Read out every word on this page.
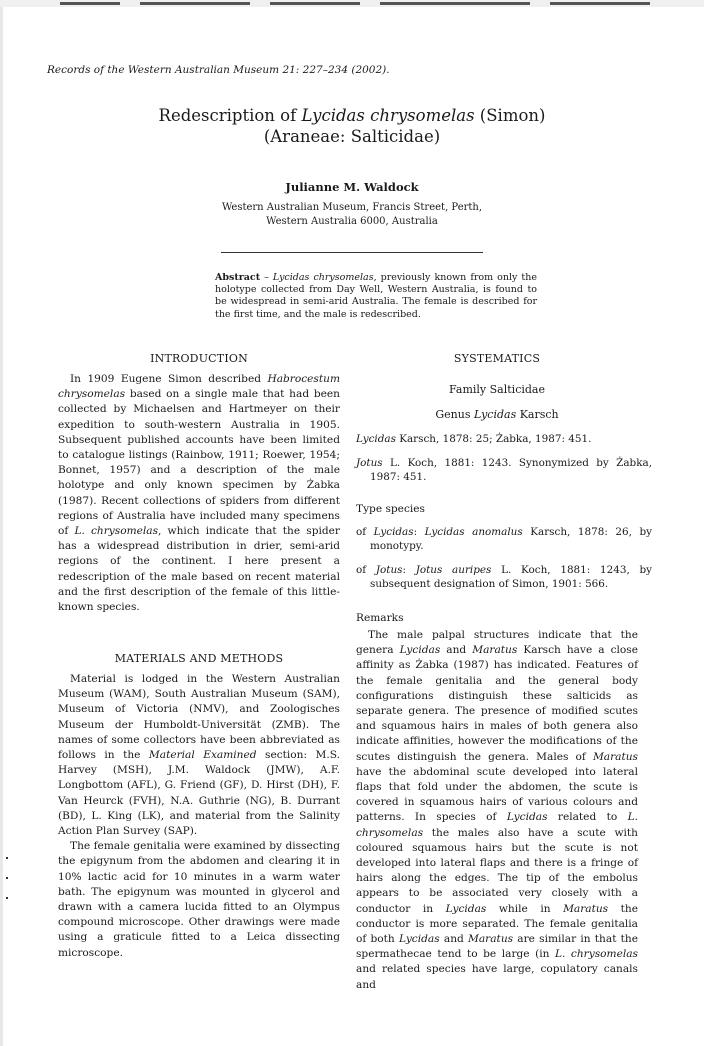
Records of the Western Australian Museum 21: 227–234 (2002).
Redescription of Lycidas chrysomelas (Simon)
(Araneae: Salticidae)
Julianne M. Waldock
Western Australian Museum, Francis Street, Perth,
Western Australia 6000, Australia
Abstract – Lycidas chrysomelas, previously known from only the holotype collected from Day Well, Western Australia, is found to be widespread in semi-arid Australia. The female is described for the first time, and the male is redescribed.
INTRODUCTION

In 1909 Eugene Simon described Habrocestum chrysomelas based on a single male that had been collected by Michaelsen and Hartmeyer on their expedition to south-western Australia in 1905. Subsequent published accounts have been limited to catalogue listings (Rainbow, 1911; Roewer, 1954; Bonnet, 1957) and a description of the male holotype and only known specimen by Żabka (1987). Recent collections of spiders from different regions of Australia have included many specimens of L. chrysomelas, which indicate that the spider has a widespread distribution in drier, semi-arid regions of the continent. I here present a redescription of the male based on recent material and the first description of the female of this little-known species.

MATERIALS AND METHODS

Material is lodged in the Western Australian Museum (WAM), South Australian Museum (SAM), Museum of Victoria (NMV), and Zoologisches Museum der Humboldt-Universität (ZMB). The names of some collectors have been abbreviated as follows in the Material Examined section: M.S. Harvey (MSH), J.M. Waldock (JMW), A.F. Longbottom (AFL), G. Friend (GF), D. Hirst (DH), F. Van Heurck (FVH), N.A. Guthrie (NG), B. Durrant (BD), L. King (LK), and material from the Salinity Action Plan Survey (SAP).

The female genitalia were examined by dissecting the epigynum from the abdomen and clearing it in 10% lactic acid for 10 minutes in a warm water bath. The epigynum was mounted in glycerol and drawn with a camera lucida fitted to an Olympus compound microscope. Other drawings were made using a graticule fitted to a Leica dissecting microscope.

SYSTEMATICS
Family Salticidae
Genus Lycidas Karsch
Lycidas Karsch, 1878: 25; Żabka, 1987: 451.
Jotus L. Koch, 1881: 1243. Synonymized by Żabka, 1987: 451.
Type species
of Lycidas: Lycidas anomalus Karsch, 1878: 26, by monotypy.
of Jotus: Jotus auripes L. Koch, 1881: 1243, by subsequent designation of Simon, 1901: 566.
Remarks

The male palpal structures indicate that the genera Lycidas and Maratus Karsch have a close affinity as Żabka (1987) has indicated. Features of the female genitalia and the general body configurations distinguish these salticids as separate genera. The presence of modified scutes and squamous hairs in males of both genera also indicate affinities, however the modifications of the scutes distinguish the genera. Males of Maratus have the abdominal scute developed into lateral flaps that fold under the abdomen, the scute is covered in squamous hairs of various colours and patterns. In species of Lycidas related to L. chrysomelas the males also have a scute with coloured squamous hairs but the scute is not developed into lateral flaps and there is a fringe of hairs along the edges. The tip of the embolus appears to be associated very closely with a conductor in Lycidas while in Maratus the conductor is more separated. The female genitalia of both Lycidas and Maratus are similar in that the spermathecae tend to be large (in L. chrysomelas and related species have large, copulatory canals and
